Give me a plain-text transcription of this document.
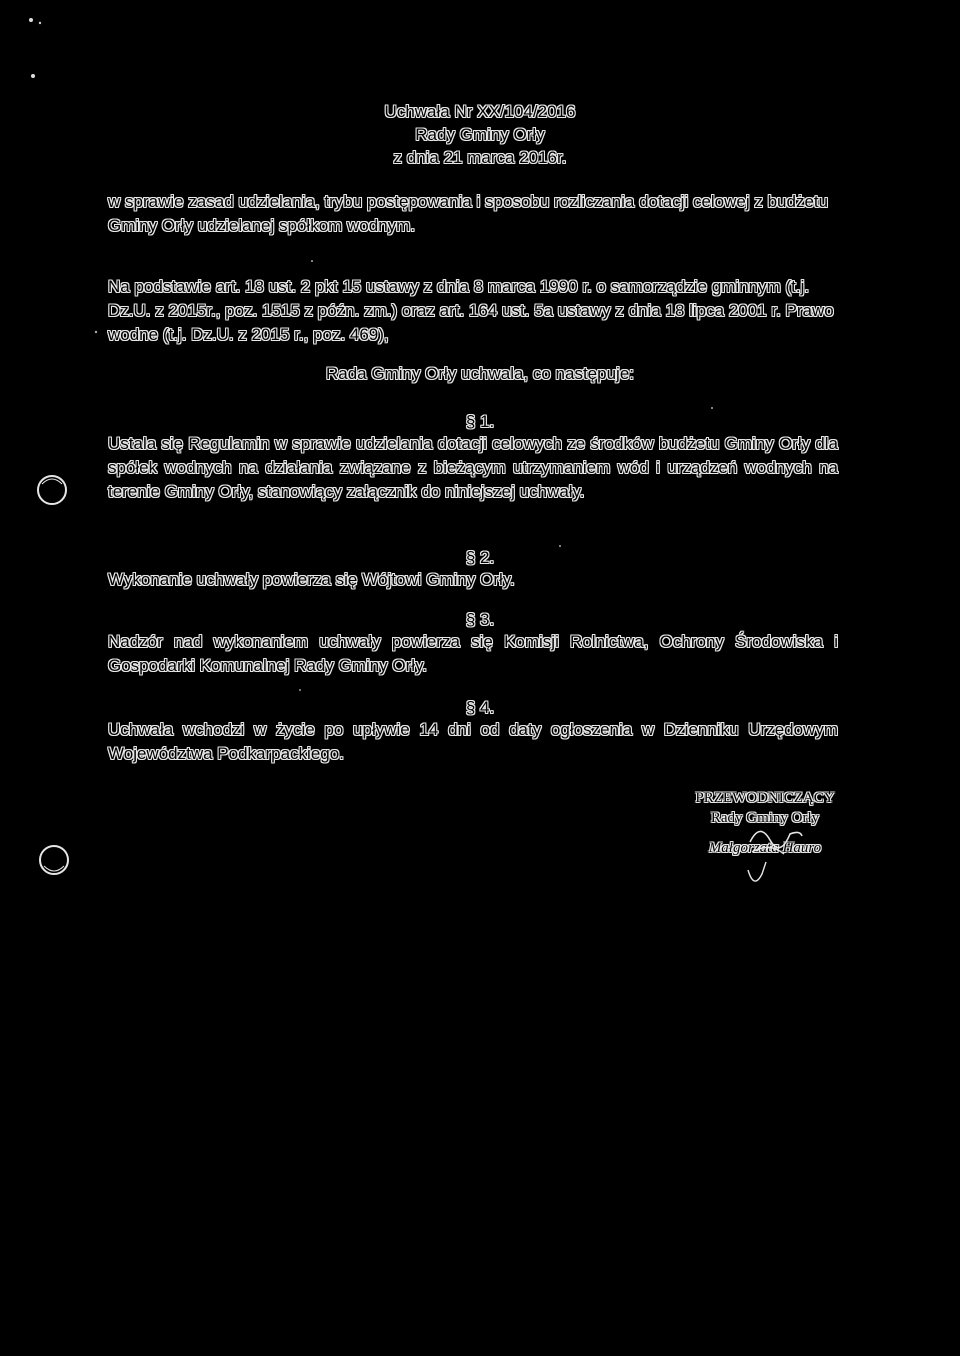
Uchwała Nr XX/104/2016
Rady Gminy Orły
z dnia 21 marca 2016r.
w sprawie zasad udzielania, trybu postępowania i sposobu rozliczania dotacji celowej z budżetu Gminy Orły udzielanej spółkom wodnym.
Na podstawie art. 18 ust. 2 pkt 15 ustawy z dnia 8 marca 1990 r. o samorządzie gminnym (t.j. Dz.U. z 2015r., poz. 1515 z późn. zm.) oraz art. 164 ust. 5a ustawy z dnia 18 lipca 2001 r. Prawo wodne (t.j. Dz.U. z 2015 r., poz. 469),
Rada Gminy Orły uchwala, co następuje:
§ 1.
Ustala się Regulamin w sprawie udzielania dotacji celowych ze środków budżetu Gminy Orły dla spółek wodnych na działania związane z bieżącym utrzymaniem wód i urządzeń wodnych na terenie Gminy Orły, stanowiący załącznik do niniejszej uchwały.
§ 2.
Wykonanie uchwały powierza się Wójtowi Gminy Orły.
§ 3.
Nadzór nad wykonaniem uchwały powierza się Komisji Rolnictwa, Ochrony Środowiska i Gospodarki Komunalnej Rady Gminy Orły.
§ 4.
Uchwała wchodzi w życie po upływie 14 dni od daty ogłoszenia w Dzienniku Urzędowym Województwa Podkarpackiego.
PRZEWODNICZĄCY
Rady Gminy Orły
Małgorzata Hauro
